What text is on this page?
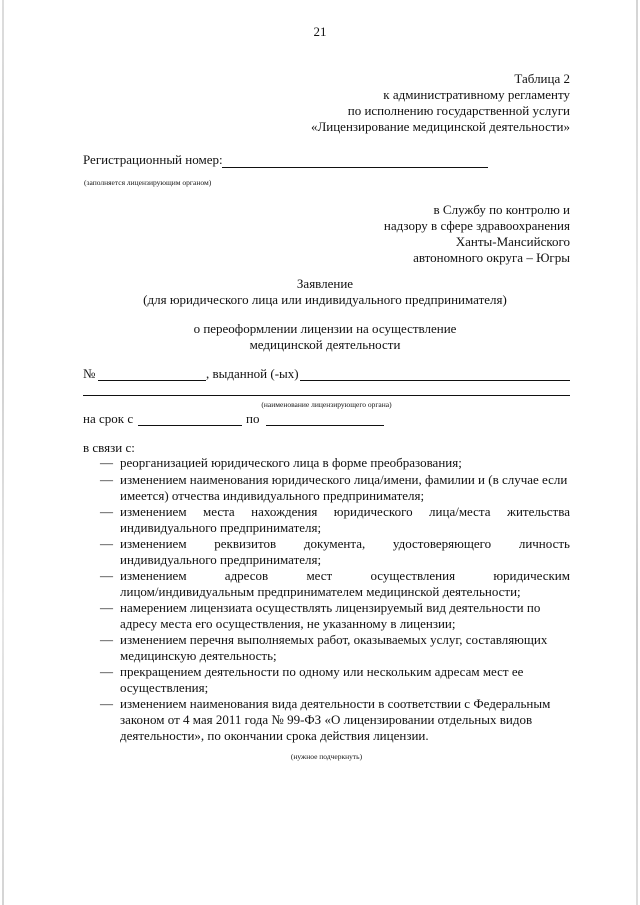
21
Таблица 2
к административному регламенту
по исполнению государственной услуги
«Лицензирование медицинской деятельности»
Регистрационный номер:
(заполняется лицензирующим органом)
в Службу по контролю и
надзору в сфере здравоохранения
Ханты-Мансийского
автономного округа – Югры
Заявление
(для юридического лица или индивидуального предпринимателя)
о переоформлении лицензии на осуществление
медицинской деятельности
№	, выданной (-ых)
(наименование лицензирующего органа)
на срок с	по
в связи с:
— реорганизацией юридического лица в форме преобразования;
— изменением наименования юридического лица/имени, фамилии и (в случае если
имеется) отчества индивидуального предпринимателя;
— изменением места нахождения юридического лица/места жительства
индивидуального предпринимателя;
— изменением реквизитов документа, удостоверяющего личность
индивидуального предпринимателя;
— изменением	адресов	мест	осуществления	юридическим
лицом/индивидуальным предпринимателем медицинской деятельности;
— намерением лицензиата осуществлять лицензируемый вид деятельности по
адресу места его осуществления, не указанному в лицензии;
— изменением перечня выполняемых работ, оказываемых услуг, составляющих
медицинскую деятельность;
— прекращением деятельности по одному или нескольким адресам мест ее
осуществления;
— изменением наименования вида деятельности в соответствии с Федеральным
законом от 4 мая 2011 года № 99-ФЗ «О лицензировании отдельных видов
деятельности», по окончании срока действия лицензии.
(нужное подчеркнуть)
